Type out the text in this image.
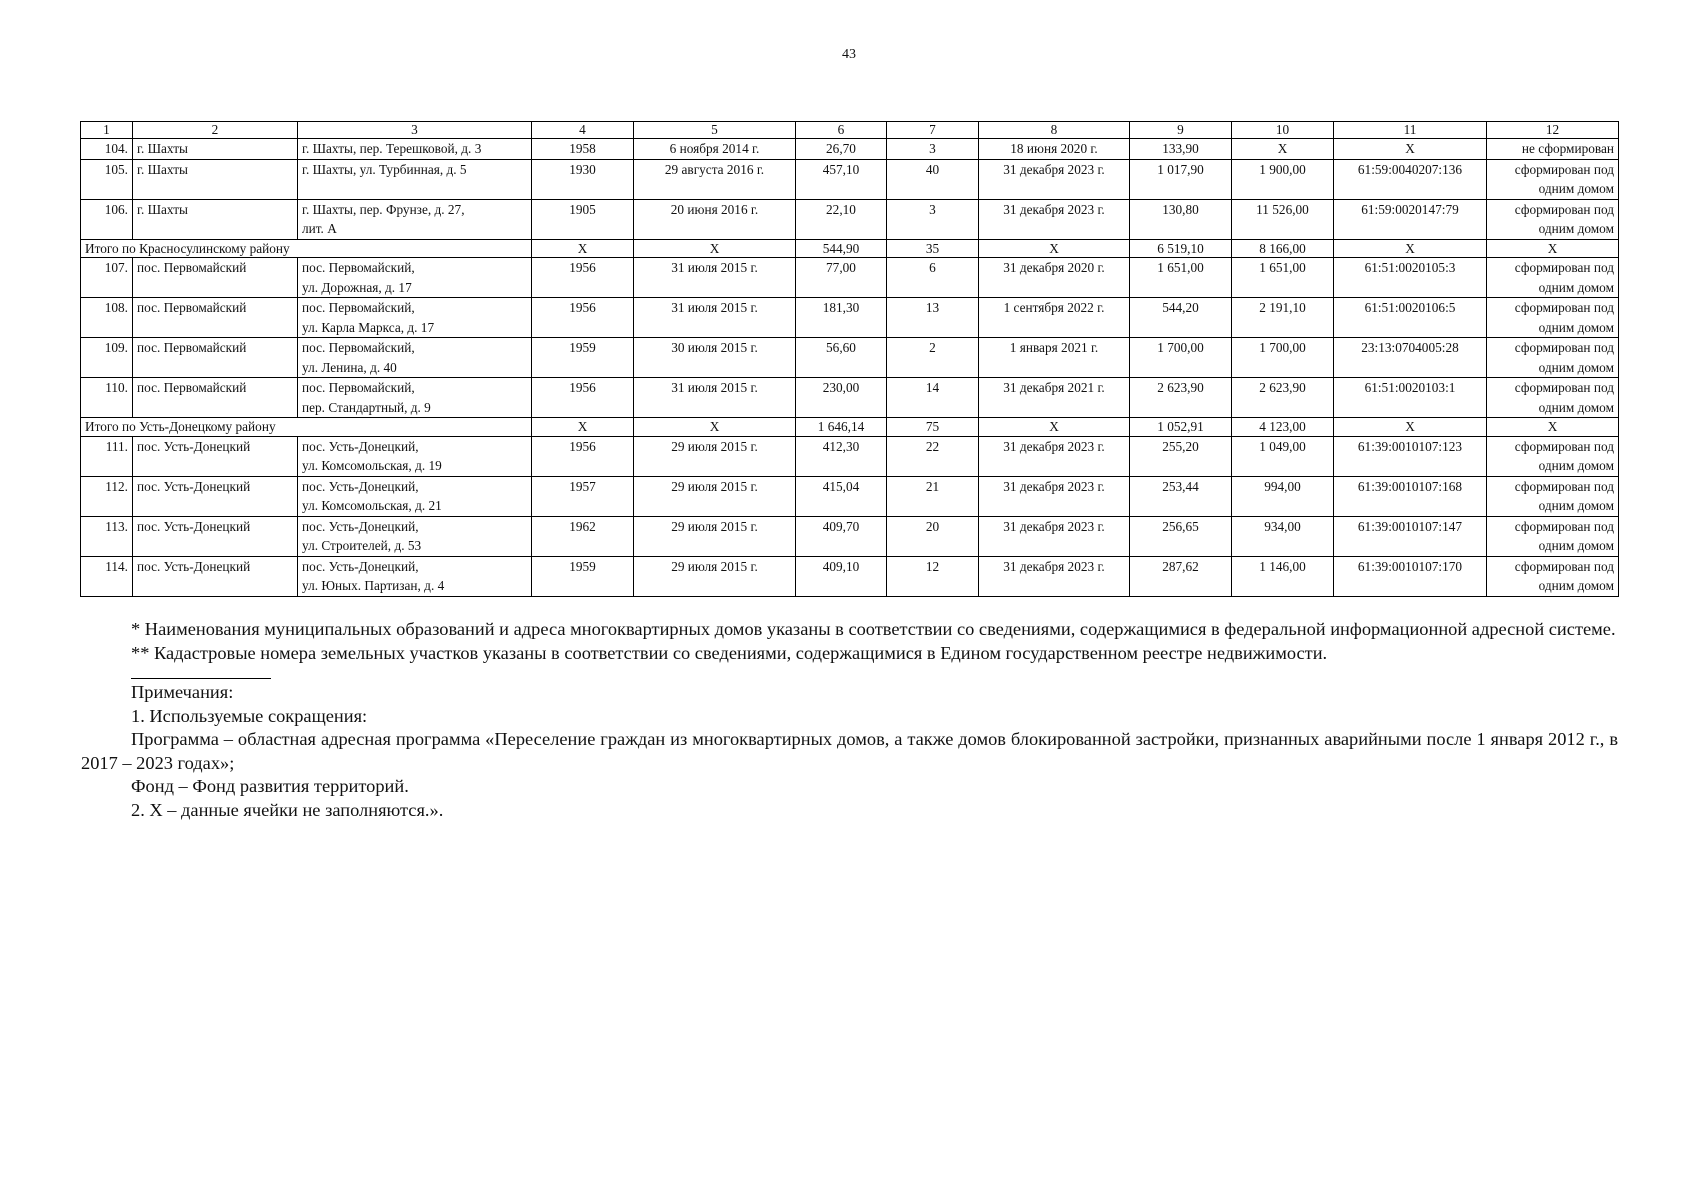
43
1	2	3	4	5	6	7	8	9	10	11	12
104.	г. Шахты	г. Шахты, пер. Терешковой, д. 3	1958	6 ноября 2014 г.	26,70	3	18 июня 2020 г.	133,90	Х	Х	не сформирован

105.	г. Шахты	г. Шахты, ул. Турбинная, д. 5	1930	29 августа 2016 г.	457,10	40	31 декабря 2023 г.	1 017,90	1 900,00	61:59:0040207:136	сформирован под
одним домом

106.	г. Шахты	г. Шахты, пер. Фрунзе, д. 27,
лит. А	1905	20 июня 2016 г.	22,10	3	31 декабря 2023 г.	130,80	11 526,00	61:59:0020147:79	сформирован под
одним домом

Итого по Красносулинскому району			Х	Х	544,90	35	Х	6 519,10	8 166,00	Х	Х

107.	пос. Первомайский	пос. Первомайский,
ул. Дорожная, д. 17	1956	31 июля 2015 г.	77,00	6	31 декабря 2020 г.	1 651,00	1 651,00	61:51:0020105:3	сформирован под
одним домом

108.	пос. Первомайский	пос. Первомайский,
ул. Карла Маркса, д. 17	1956	31 июля 2015 г.	181,30	13	1 сентября 2022 г.	544,20	2 191,10	61:51:0020106:5	сформирован под
одним домом

109.	пос. Первомайский	пос. Первомайский,
ул. Ленина, д. 40	1959	30 июля 2015 г.	56,60	2	1 января 2021 г.	1 700,00	1 700,00	23:13:0704005:28	сформирован под
одним домом

110.	пос. Первомайский	пос. Первомайский,
пер. Стандартный, д. 9	1956	31 июля 2015 г.	230,00	14	31 декабря 2021 г.	2 623,90	2 623,90	61:51:0020103:1	сформирован под
одним домом

Итого по Усть-Донецкому району			Х	Х	1 646,14	75	Х	1 052,91	4 123,00	Х	Х

111.	пос. Усть-Донецкий	пос. Усть-Донецкий,
ул. Комсомольская, д. 19	1956	29 июля 2015 г.	412,30	22	31 декабря 2023 г.	255,20	1 049,00	61:39:0010107:123	сформирован под
одним домом

112.	пос. Усть-Донецкий	пос. Усть-Донецкий,
ул. Комсомольская, д. 21	1957	29 июля 2015 г.	415,04	21	31 декабря 2023 г.	253,44	994,00	61:39:0010107:168	сформирован под
одним домом

113.	пос. Усть-Донецкий	пос. Усть-Донецкий,
ул. Строителей, д. 53	1962	29 июля 2015 г.	409,70	20	31 декабря 2023 г.	256,65	934,00	61:39:0010107:147	сформирован под
одним домом

114.	пос. Усть-Донецкий	пос. Усть-Донецкий,
ул. Юных. Партизан, д. 4	1959	29 июля 2015 г.	409,10	12	31 декабря 2023 г.	287,62	1 146,00	61:39:0010107:170	сформирован под
одним домом

* Наименования муниципальных образований и адреса многоквартирных домов указаны в соответствии со сведениями, содержащимися в федеральной информационной адресной системе.

** Кадастровые номера земельных участков указаны в соответствии со сведениями, содержащимися в Едином государственном реестре недвижимости.

Примечания:

1. Используемые сокращения:

Программа – областная адресная программа «Переселение граждан из многоквартирных домов, а также домов блокированной застройки, признанных аварийными после 1 января 2012 г., в 2017 – 2023 годах»;

Фонд – Фонд развития территорий.

2. Х – данные ячейки не заполняются.».
